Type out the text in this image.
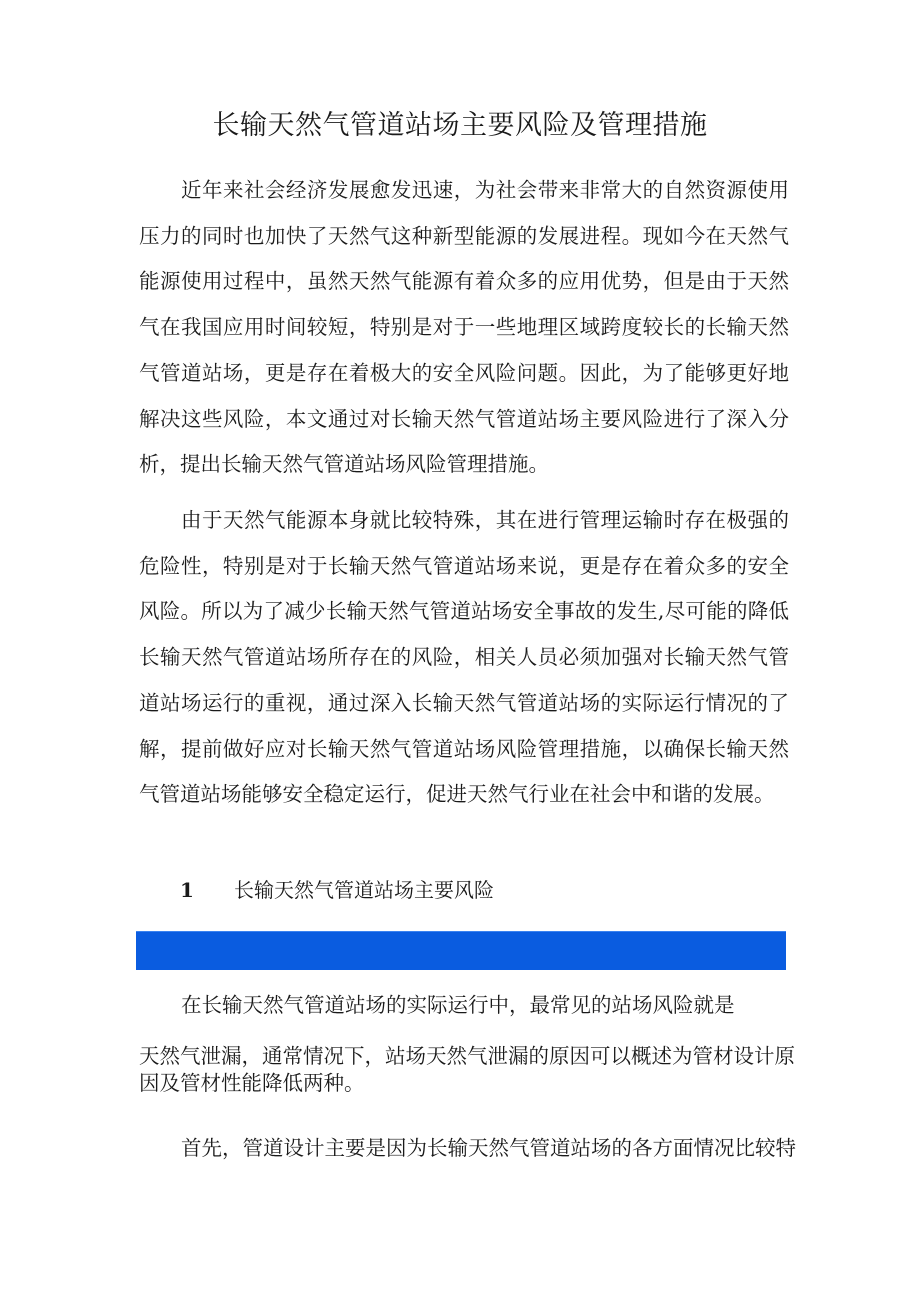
长输天然气管道站场主要风险及管理措施

近年来社会经济发展愈发迅速，为社会带来非常大的自然资源使用压力的同时也加快了天然气这种新型能源的发展进程。现如今在天然气能源使用过程中，虽然天然气能源有着众多的应用优势，但是由于天然气在我国应用时间较短，特别是对于一些地理区域跨度较长的长输天然气管道站场，更是存在着极大的安全风险问题。因此，为了能够更好地解决这些风险，本文通过对长输天然气管道站场主要风险进行了深入分析，提出长输天然气管道站场风险管理措施。

由于天然气能源本身就比较特殊，其在进行管理运输时存在极强的危险性，特别是对于长输天然气管道站场来说，更是存在着众多的安全风险。所以为了减少长输天然气管道站场安全事故的发生,尽可能的降低长输天然气管道站场所存在的风险，相关人员必须加强对长输天然气管道站场运行的重视，通过深入长输天然气管道站场的实际运行情况的了解，提前做好应对长输天然气管道站场风险管理措施，以确保长输天然气管道站场能够安全稳定运行，促进天然气行业在社会中和谐的发展。

1 长输天然气管道站场主要风险
在长输天然气管道站场的实际运行中，最常见的站场风险就是
天然气泄漏，通常情况下，站场天然气泄漏的原因可以概述为管材设计原
因及管材性能降低两种。
首先，管道设计主要是因为长输天然气管道站场的各方面情况比较特
